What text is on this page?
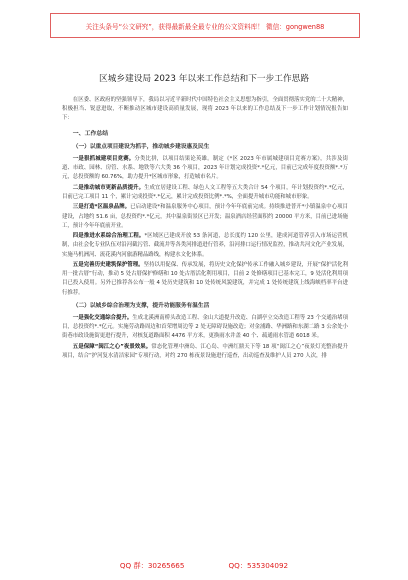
关注头条号“公文研究”，获得最新最全最专业的公文资料库！ 微信：gongwen88
区城乡建设局 2023 年以来工作总结和下一步工作思路

在区委、区政府的坚强领导下，我局以习近平新时代中国特色社会主义思想为指引，全面贯彻落实党的二十大精神，积极担当、锐意进取，不断推动区城市建设高质量发展，现将 2023 年以来的工作总结及下一步工作计划情况报告如下：

一、工作总结
（一）以重点项目建设为抓手，推动城乡建设惠及民生

一是狠抓城建项目竞赛。分类比拼，以项目结果论英雄。制定《*区 2023 年市属城建项目竞赛方案》，共涉及街道、市政、园林、房管、水系、地铁等六大类 36 个项目，2023 年计划完成投资*.*亿元，目前已完成年度投资额*.*万元，总投资额的 60.76%，助力提升*区城市形象，打造城市名片。

二是推动城市更新品质提升。生成宜居建设工程、绿色人文工程等五大类合计 54 个项目，年计划投资约*.*亿元，目前已完工项目 11 个，累计完成投资*.*亿元，累计完成投资比例*.*%，全面提升城市功能和城市形象。

三是打造*区温泉品牌。已启动建设*和温泉服务中心项目，预计今年年底前完成。持续推进普开*小镇温泉中心项目建设，占地约 51.6 亩，总投资约*.*亿元，其中温泉街景区已开发；温泉酒店经营面积约 20000 平方米，目前已进场施工，预计今年年底前开业。

四是推进水系综合治理工程。*区域区已建成开放 53 条河道，总长度约 120 公里，建成河道管养引入市场运营机制，由社会化专业队伍对沿河截污管、截流井等各类河排道进行管养，沿河排口运行情况监控，推动共河文化产业发展，实施马机洲河、流花溪内河旅游精品路线，构建水文化体系。

五是完善历史建筑保护管理。坚持以用促保、传承发展，将历史文化保护传承工作融入城乡建设，开展“保护活化利用一批古厝”行动，推动 5 处古厝保护修缮和 10 处古厝活化利用项目，目前 2 处修缮项目已基本完工，9 处活化利用项目已投入使用。另外已推荐各公布一般 4 处历史建筑和 10 处传统风貌建筑，并完成 1 处传统建筑上线海峡档率平台进行推荐。

（二）以城乡综合治理为支撑，提升功能服务有温生活

一是强化交通综合提升。生成北溪洲南桥头改造工程、金山大道提升改造、白湖亭立交改造工程等 23 个交通治堵项目，总投资约*.*亿元。实施劳动路周边和首荣增周边等 2 处无障碍设施改造；对金浦路、华洲路和东湖二路 3 公余处小街巷市政设施街更进行提升，对核复道路面积 4476 平方米，更换雨水井盖 40 个、疏通雨水管道 6018 米。

五是保障“闽江之心”夜景效果。常态化管理中洲岛、江心岛、中洲红鼎天下等 18 项“闽江之心”夜景灯光整治提升项目，结合“护河复水清洁家园”专项行动，对约 270 栋夜景设施进行巡查，出动巡查及维护人员 270 人次，排

QQ 群：30265665	QQ：535304092
